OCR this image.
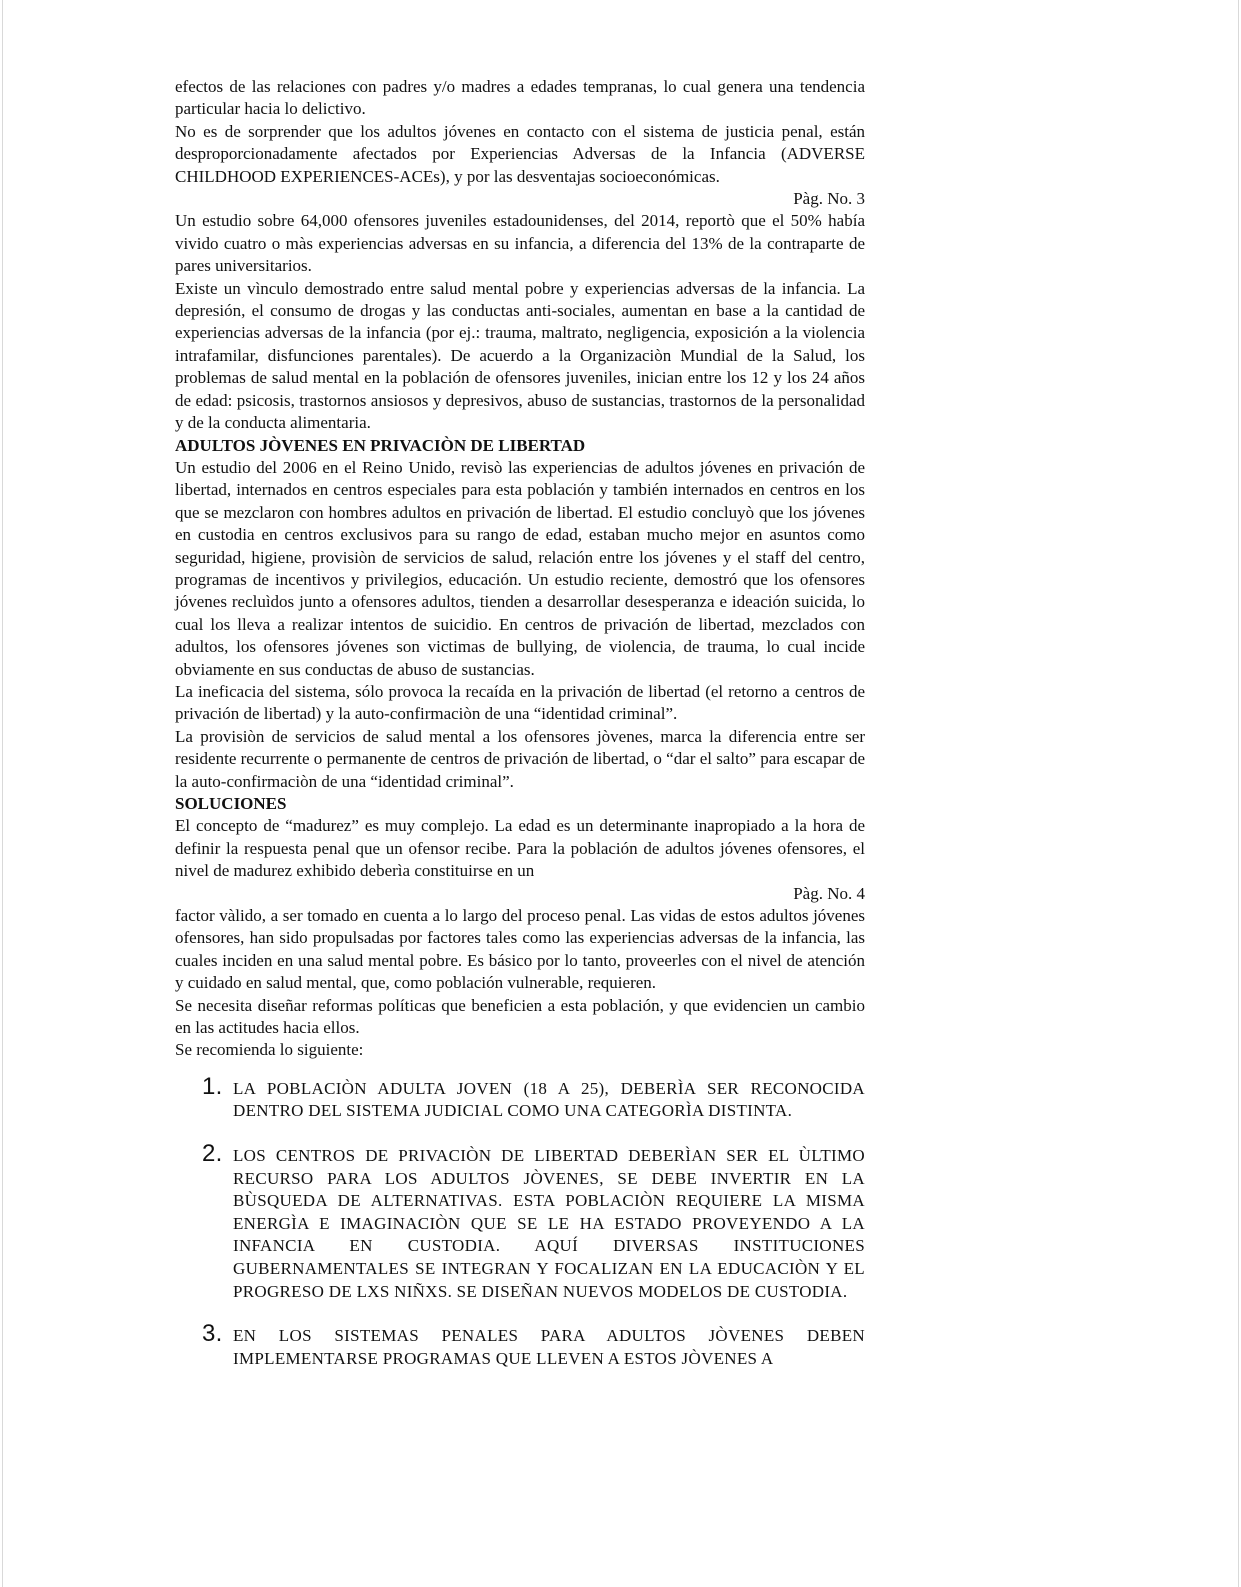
efectos de las relaciones con padres y/o madres a edades tempranas, lo cual genera una tendencia particular hacia lo delictivo.

No es de sorprender que los adultos jóvenes en contacto con el sistema de justicia penal, están desproporcionadamente afectados por Experiencias Adversas de la Infancia (ADVERSE CHILDHOOD EXPERIENCES-ACEs), y por las desventajas socioeconómicas.

Pàg. No. 3

Un estudio sobre 64,000 ofensores juveniles estadounidenses, del 2014, reportò que el 50% había vivido cuatro o màs experiencias adversas en su infancia, a diferencia del 13% de la contraparte de pares universitarios.

Existe un vìnculo demostrado entre salud mental pobre y experiencias adversas de la infancia. La depresión, el consumo de drogas y las conductas anti-sociales, aumentan en base a la cantidad de experiencias adversas de la infancia (por ej.: trauma, maltrato, negligencia, exposición a la violencia intrafamilar, disfunciones parentales). De acuerdo a la Organizaciòn Mundial de la Salud, los problemas de salud mental en la población de ofensores juveniles, inician entre los 12 y los 24 años de edad: psicosis, trastornos ansiosos y depresivos, abuso de sustancias, trastornos de la personalidad y de la conducta alimentaria.

ADULTOS JÒVENES EN PRIVACIÒN DE LIBERTAD

Un estudio del 2006 en el Reino Unido, revisò las experiencias de adultos jóvenes en privación de libertad, internados en centros especiales para esta población y también internados en centros en los que se mezclaron con hombres adultos en privación de libertad. El estudio concluyò que los jóvenes en custodia en centros exclusivos para su rango de edad, estaban mucho mejor en asuntos como seguridad, higiene, provisiòn de servicios de salud, relación entre los jóvenes y el staff del centro, programas de incentivos y privilegios, educación. Un estudio reciente, demostró que los ofensores jóvenes recluìdos junto a ofensores adultos, tienden a desarrollar desesperanza e ideación suicida, lo cual los lleva a realizar intentos de suicidio. En centros de privación de libertad, mezclados con adultos, los ofensores jóvenes son victimas de bullying, de violencia, de trauma, lo cual incide obviamente en sus conductas de abuso de sustancias.

La ineficacia del sistema, sólo provoca la recaída en la privación de libertad (el retorno a centros de privación de libertad) y la auto-confirmaciòn de una “identidad criminal”.

La provisiòn de servicios de salud mental a los ofensores jòvenes, marca la diferencia entre ser residente recurrente o permanente de centros de privación de libertad, o “dar el salto” para escapar de la auto-confirmaciòn de una “identidad criminal”.

SOLUCIONES

El concepto de “madurez” es muy complejo. La edad es un determinante inapropiado a la hora de definir la respuesta penal que un ofensor recibe. Para la población de adultos jóvenes ofensores, el nivel de madurez exhibido deberìa constituirse en un

Pàg. No. 4

factor vàlido, a ser tomado en cuenta a lo largo del proceso penal. Las vidas de estos adultos jóvenes ofensores, han sido propulsadas por factores tales como las experiencias adversas de la infancia, las cuales inciden en una salud mental pobre. Es básico por lo tanto, proveerles con el nivel de atención y cuidado en salud mental, que, como población vulnerable, requieren.

Se necesita diseñar reformas políticas que beneficien a esta población, y que evidencien un cambio en las actitudes hacia ellos.

Se recomienda lo siguiente:

1. LA POBLACIÒN ADULTA JOVEN (18 A 25), DEBERÌA SER RECONOCIDA DENTRO DEL SISTEMA JUDICIAL COMO UNA CATEGORÌA DISTINTA.
2. LOS CENTROS DE PRIVACIÒN DE LIBERTAD DEBERÌAN SER EL ÙLTIMO RECURSO PARA LOS ADULTOS JÒVENES, SE DEBE INVERTIR EN LA BÙSQUEDA DE ALTERNATIVAS. ESTA POBLACIÒN REQUIERE LA MISMA ENERGÌA E IMAGINACIÒN QUE SE LE HA ESTADO PROVEYENDO A LA INFANCIA EN CUSTODIA. AQUÍ DIVERSAS INSTITUCIONES GUBERNAMENTALES SE INTEGRAN Y FOCALIZAN EN LA EDUCACIÒN Y EL PROGRESO DE LXS NIÑXS. SE DISEÑAN NUEVOS MODELOS DE CUSTODIA.
3. EN LOS SISTEMAS PENALES PARA ADULTOS JÒVENES DEBEN IMPLEMENTARSE PROGRAMAS QUE LLEVEN A ESTOS JÒVENES A
